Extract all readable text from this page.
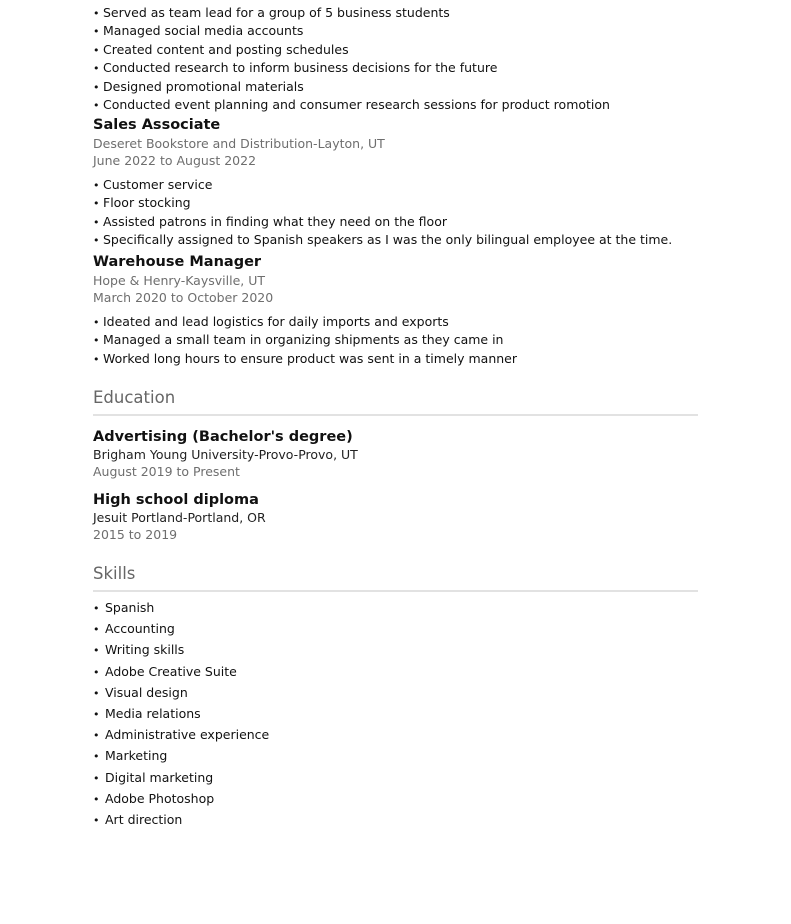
• Served as team lead for a group of 5 business students
• Managed social media accounts
• Created content and posting schedules
• Conducted research to inform business decisions for the future
• Designed promotional materials
• Conducted event planning and consumer research sessions for product romotion

Sales Associate

Deseret Bookstore and Distribution-Layton, UT

June 2022 to August 2022

• Customer service
• Floor stocking
• Assisted patrons in finding what they need on the floor
• Specifically assigned to Spanish speakers as I was the only bilingual employee at the time.

Warehouse Manager

Hope & Henry-Kaysville, UT

March 2020 to October 2020

• Ideated and lead logistics for daily imports and exports
• Managed a small team in organizing shipments as they came in
• Worked long hours to ensure product was sent in a timely manner
Education

Advertising (Bachelor's degree)

Brigham Young University-Provo-Provo, UT

August 2019 to Present

High school diploma

Jesuit Portland-Portland, OR

2015 to 2019

Skills
• Spanish
• Accounting
• Writing skills
• Adobe Creative Suite
• Visual design
• Media relations
• Administrative experience
• Marketing
• Digital marketing
• Adobe Photoshop
• Art direction
